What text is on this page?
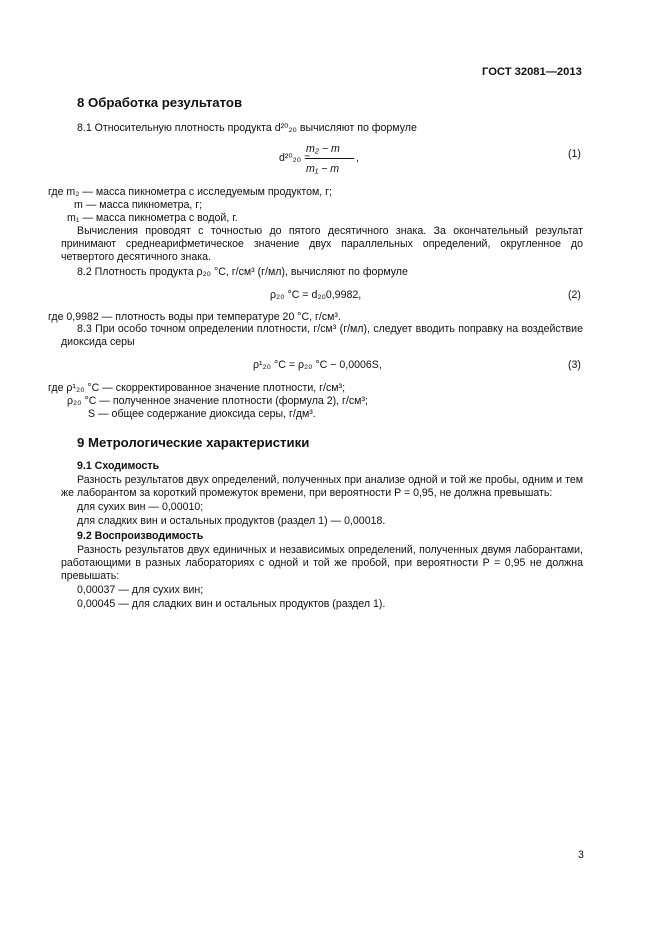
ГОСТ 32081—2013
8 Обработка результатов
8.1 Относительную плотность продукта d²⁰₂₀ вычисляют по формуле
d²⁰₂₀ =
m₂ − m
m₁ − m
,	(1)
где m₂ — масса пикнометра с исследуемым продуктом, г;
m — масса пикнометра, г;
m₁ — масса пикнометра с водой, г.
Вычисления проводят с точностью до пятого десятичного знака. За окончательный результат принимают среднеарифметическое значение двух параллельных определений, округленное до четвертого десятичного знака.
8.2 Плотность продукта ρ₂₀ °C, г/см³ (г/мл), вычисляют по формуле
ρ₂₀ °C = d₂₀0,9982,	(2)
где 0,9982 — плотность воды при температуре 20 °C, г/см³.
8.3 При особо точном определении плотности, г/см³ (г/мл), следует вводить поправку на воздействие диоксида серы
ρ¹₂₀ °C = ρ₂₀ °C − 0,0006S,	(3)
где ρ¹₂₀ °C — скорректированное значение плотности, г/см³;
ρ₂₀ °C — полученное значение плотности (формула 2), г/см³;
S — общее содержание диоксида серы, г/дм³.
9 Метрологические характеристики
9.1 Сходимость
Разность результатов двух определений, полученных при анализе одной и той же пробы, одним и тем же лаборантом за короткий промежуток времени, при вероятности P = 0,95, не должна превышать:
для сухих вин — 0,00010;
для сладких вин и остальных продуктов (раздел 1) — 0,00018.
9.2 Воспроизводимость
Разность результатов двух единичных и независимых определений, полученных двумя лаборантами, работающими в разных лабораториях с одной и той же пробой, при вероятности P = 0,95 не должна превышать:
0,00037 — для сухих вин;
0,00045 — для сладких вин и остальных продуктов (раздел 1).
3
